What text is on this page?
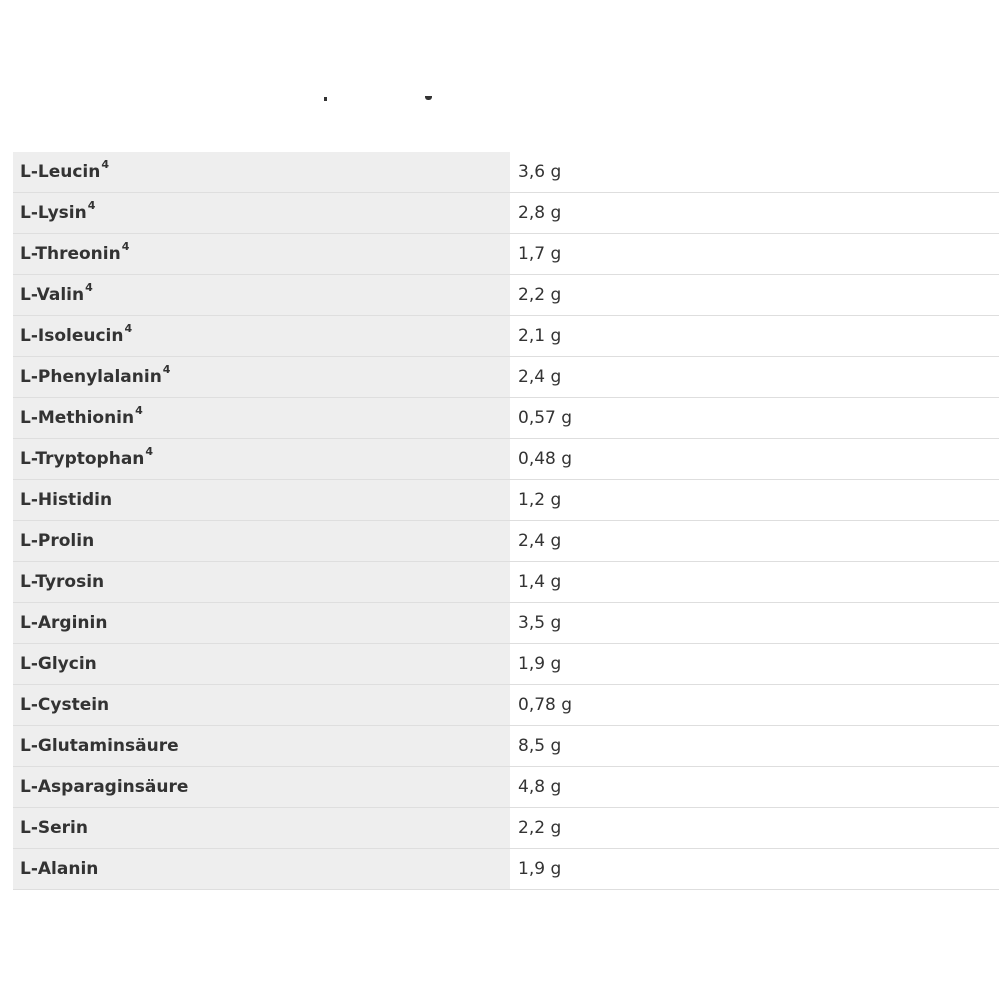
L-Leucin$^4$	3,6 g
L-Lysin$^4$	2,8 g
L-Threonin$^4$	1,7 g
L-Valin$^4$	2,2 g
L-Isoleucin$^4$	2,1 g
L-Phenylalanin$^4$	2,4 g
L-Methionin$^4$	0,57 g
L-Tryptophan$^4$	0,48 g
L-Histidin	1,2 g
L-Prolin	2,4 g
L-Tyrosin	1,4 g
L-Arginin	3,5 g
L-Glycin	1,9 g
L-Cystein	0,78 g
L-Glutaminsäure	8,5 g
L-Asparaginsäure	4,8 g
L-Serin	2,2 g
L-Alanin	1,9 g
